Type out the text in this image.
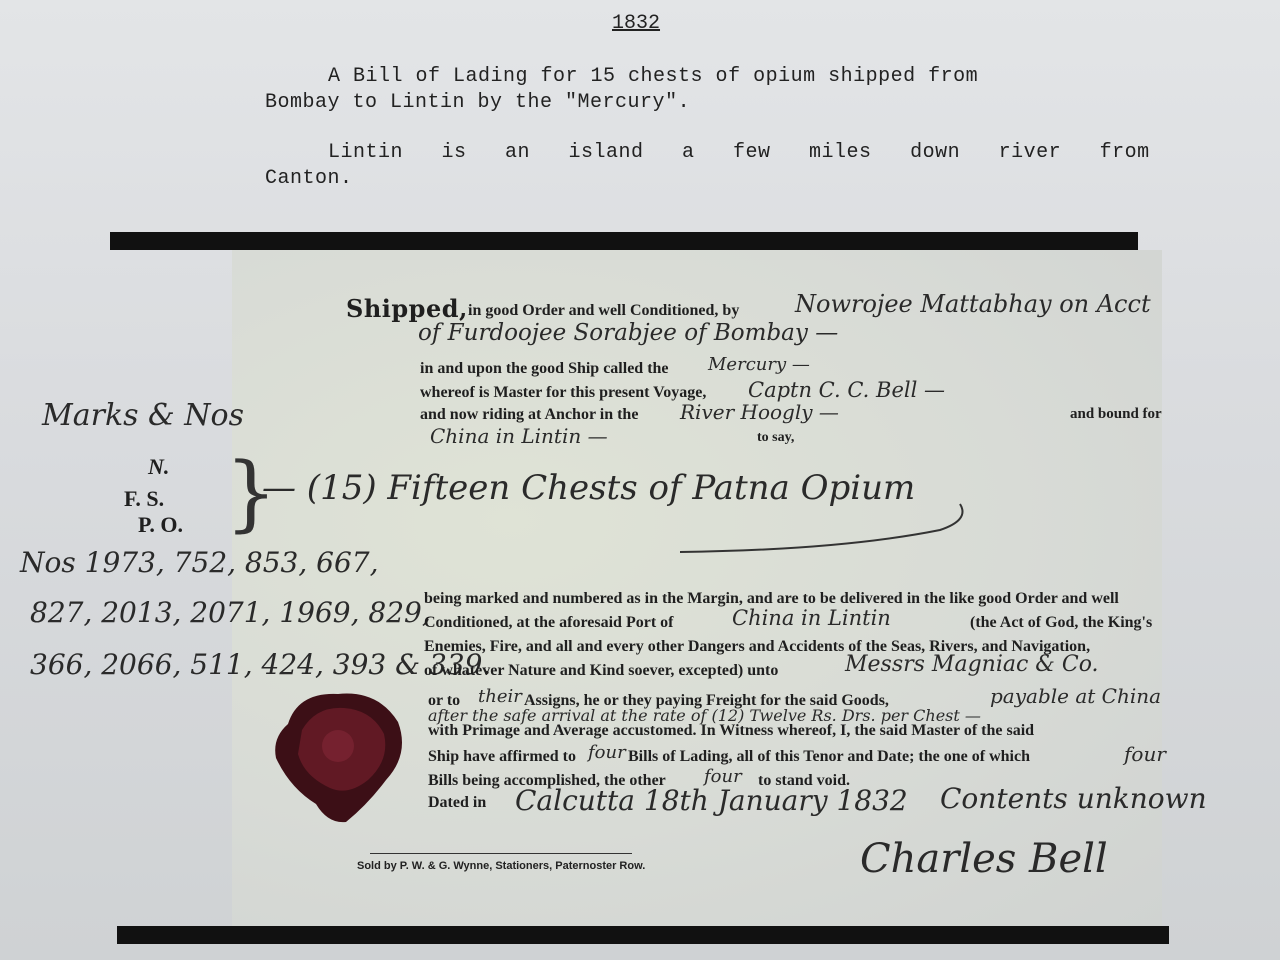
1832
A Bill of Lading for 15 chests of opium shipped from
Bombay to Lintin by the "Mercury".
Lintin is an island a few miles down river from
Canton.
Shipped, in good Order and well Conditioned, by Nowrojee Mattabhay on Acct
of Furdoojee Sorabjee of Bombay —
in and upon the good Ship called the Mercury —
whereof is Master for this present Voyage, Captn C. C. Bell —
and now riding at Anchor in the River Hoogly —	and bound for
China in Lintin —	to say,
Marks & Nos
N.
F. S.
P. O. }
— (15) Fifteen Chests of Patna Opium
Nos 1973, 752, 853, 667,
827, 2013, 2071, 1969, 829,
366, 2066, 511, 424, 393 & 339.
being marked and numbered as in the Margin, and are to be delivered in the like good Order and well
Conditioned, at the aforesaid Port of	China in Lintin	(the Act of God, the King's
Enemies, Fire, and all and every other Dangers and Accidents of the Seas, Rivers, and Navigation,
of whatever Nature and Kind soever, excepted) unto	Messrs Magniac & Co.
or to their Assigns, he or they paying Freight for the said Goods,	payable at China
after the safe arrival at the rate of (12) Twelve Rs. Drs. per Chest —
with Primage and Average accustomed. In Witness whereof, I, the said Master of the said
Ship have affirmed to four Bills of Lading, all of this Tenor and Date; the one of which	four
Bills being accomplished, the other four to stand void.
Dated in Calcutta 18th January 1832 Contents unknown
Charles Bell
Sold by P. W. & G. Wynne, Stationers, Paternoster Row.
